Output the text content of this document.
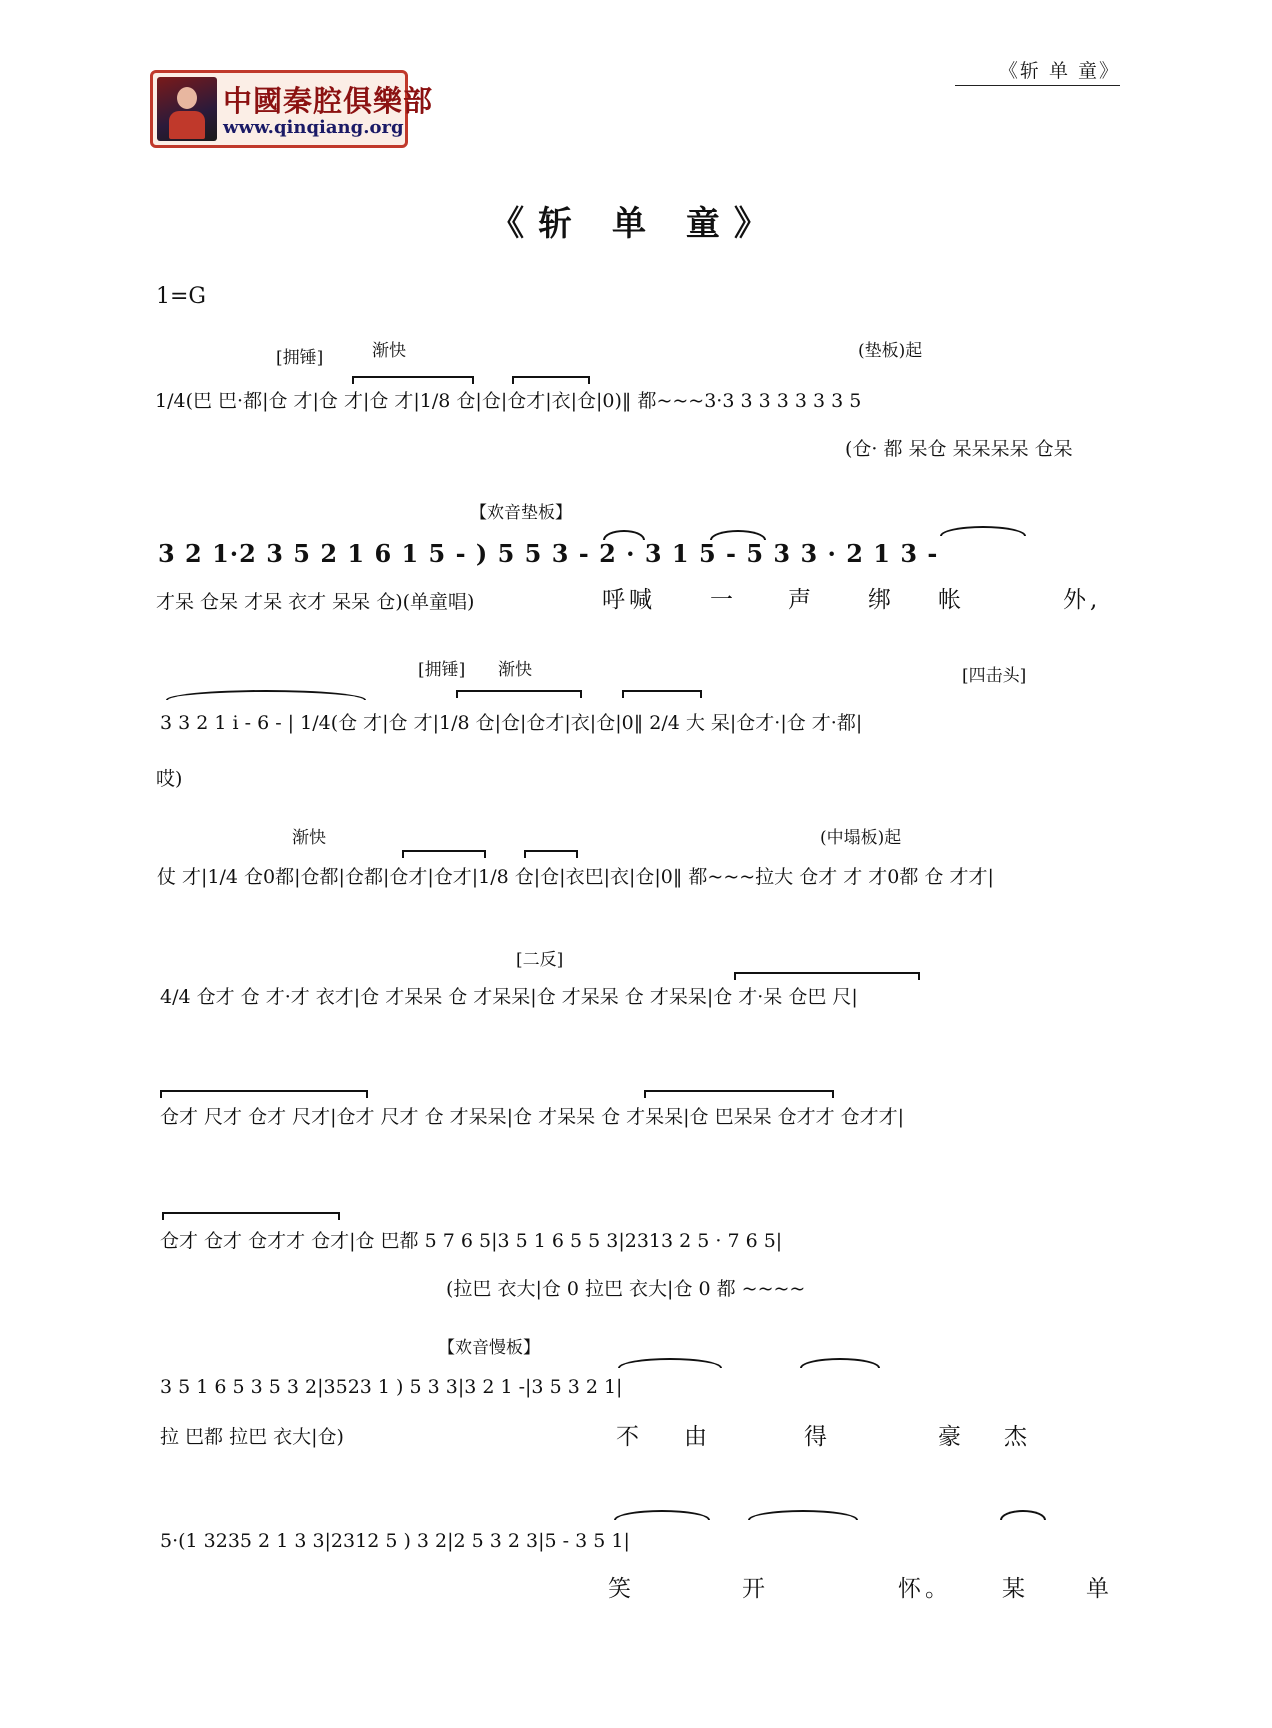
《斩 单 童》
中國秦腔俱樂部
www.qinqiang.org
《斩 单 童》
1=G
[拥锤]	渐快	(垫板)起
1/4(巴 巴·都|仓 才|仓 才|仓 才|1/8 仓|仓|仓才|衣|仓|0)‖ 都~~~3·3 3 3 3 3 3 3 5
(仓· 都 呆仓 呆呆呆呆 仓呆
【欢音垫板】
3 2 1·2 3 5 2 1 6 1 5 - ) 5 5 3 - 2 · 3 1 5 - 5 3 3 · 2 1 3 -
才呆 仓呆 才呆 衣才 呆呆 仓)(单童唱)	呼喊 一 声 绑 帐	外,
[拥锤] 渐快	[四击头]
3 3 2 1 i - 6 - | 1/4(仓 才|仓 才|1/8 仓|仓|仓才|衣|仓|0‖ 2/4 大 呆|仓才·|仓 才·都|
哎)
渐快	(中塌板)起
仗 才|1/4 仓0都|仓都|仓都|仓才|仓才|1/8 仓|仓|衣巴|衣|仓|0‖ 都~~~拉大 仓才 才 才0都 仓 才才|
[二反]
4/4 仓才 仓 才·才 衣才|仓 才呆呆 仓 才呆呆|仓 才呆呆 仓 才呆呆|仓 才·呆 仓巴 尺|
仓才 尺才 仓才 尺才|仓才 尺才 仓 才呆呆|仓 才呆呆 仓 才呆呆|仓 巴呆呆 仓才才 仓才才|
仓才 仓才 仓才才 仓才|仓 巴都 5 7 6 5|3 5 1 6 5 5 3|2313 2 5 · 7 6 5|
(拉巴 衣大|仓 0 拉巴 衣大|仓 0 都 ~~~~
【欢音慢板】
3 5 1 6 5 3 5 3 2|3523 1 ) 5 3 3|3 2 1 -|3 5 3 2 1|
拉 巴都 拉巴 衣大|仓)	不 由	得	豪 杰
5·(1 3235 2 1 3 3|2312 5 ) 3 2|2 5 3 2 3|5 - 3 5 1|
笑	开	怀。 某 单
